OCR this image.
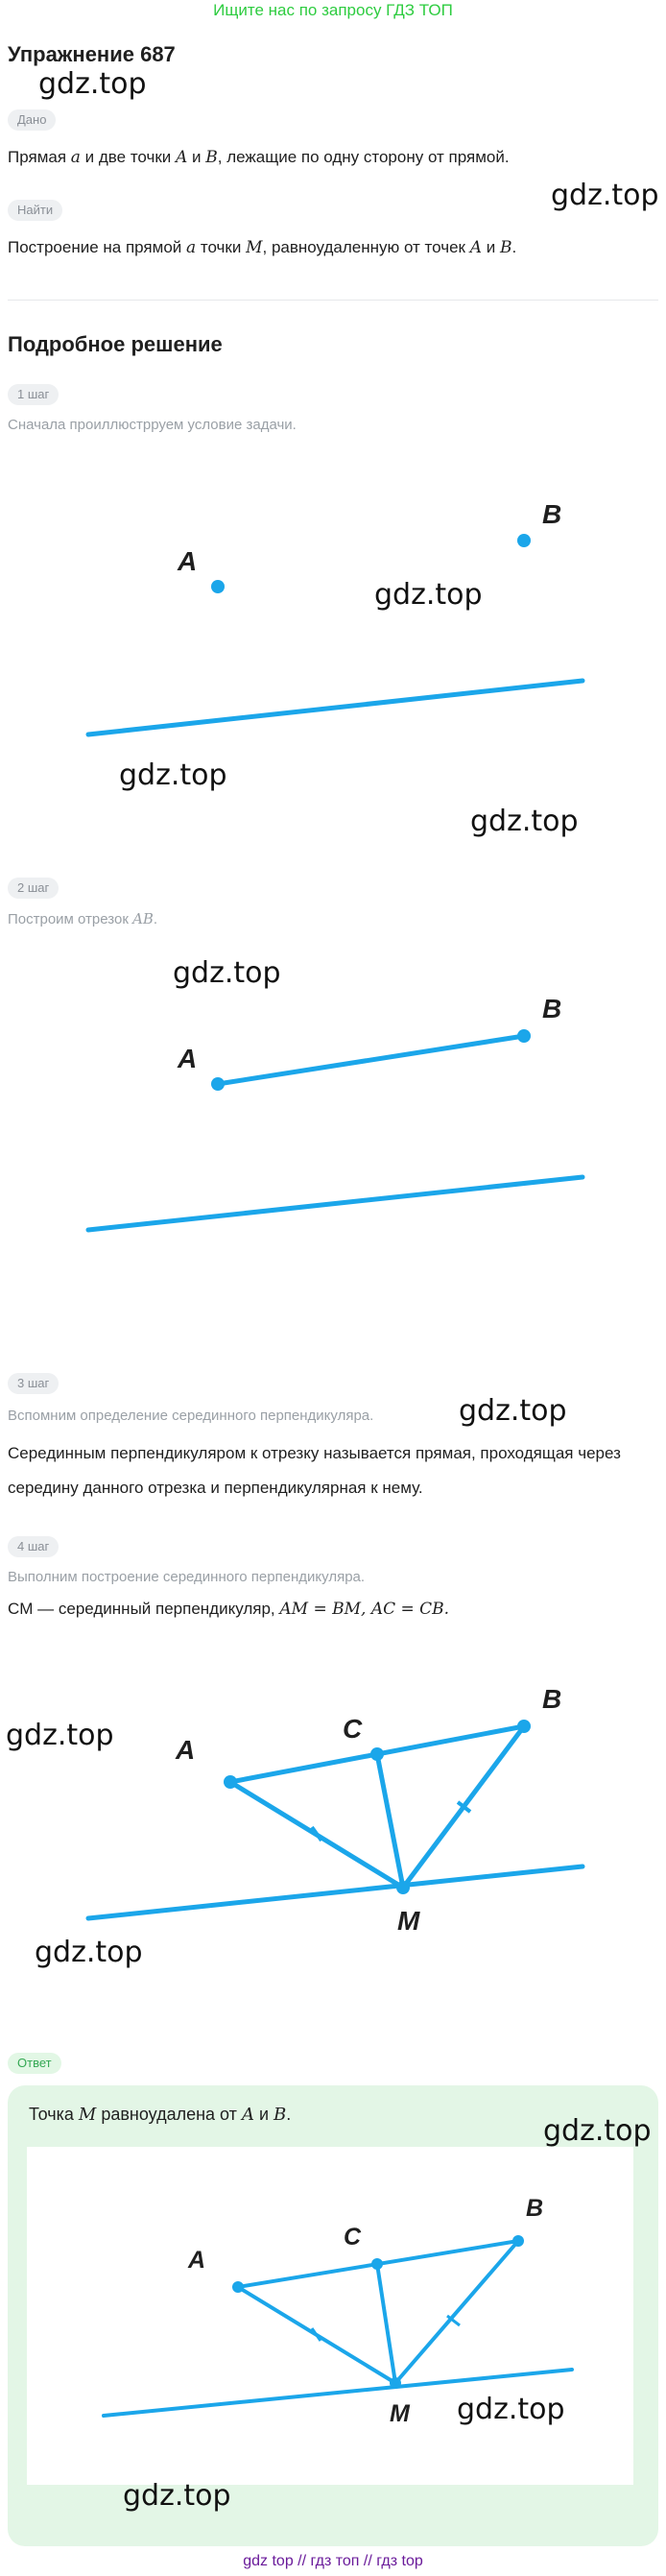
Ищите нас по запросу ГДЗ ТОП
Упражнение 687
gdz.top
Дано
Прямая a и две точки A и B, лежащие по одну сторону от прямой.
gdz.top
Найти
Построение на прямой a точки M, равноудаленную от точек A и B.
Подробное решение
1 шаг
Сначала проиллюстрруем условие задачи.
A
B
gdz.top
gdz.top
gdz.top
2 шаг
Построим отрезок AB.
gdz.top
A
B
3 шаг
Вспомним определение серединного перпендикуляра.	gdz.top
Серединным перпендикуляром к отрезку называется прямая, проходящая через середину данного отрезка и перпендикулярная к нему.
4 шаг
Выполним построение серединного перпендикуляра.
CM — серединный перпендикуляр, AM = BM, AC = CB.
A
B
C
M
gdz.top
gdz.top
Ответ
Точка M равноудалена от A и B.
A
B
C
M
gdz.top
gdz.top
gdz.top
gdz top // гдз топ // гдз top
